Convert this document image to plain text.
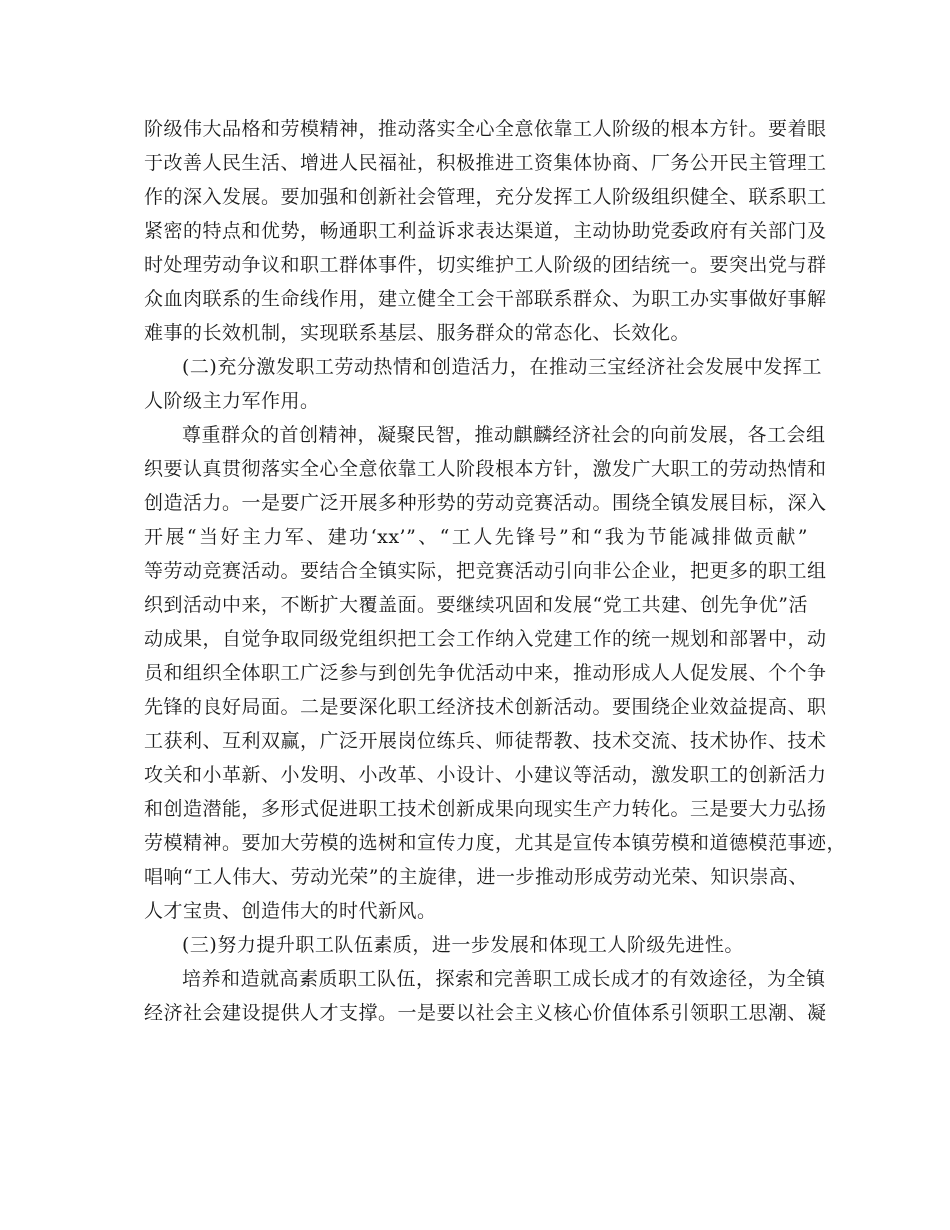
阶级伟大品格和劳模精神，推动落实全心全意依靠工人阶级的根本方针。要着眼
于改善人民生活、增进人民福祉，积极推进工资集体协商、厂务公开民主管理工
作的深入发展。要加强和创新社会管理，充分发挥工人阶级组织健全、联系职工
紧密的特点和优势，畅通职工利益诉求表达渠道，主动协助党委政府有关部门及
时处理劳动争议和职工群体事件，切实维护工人阶级的团结统一。要突出党与群
众血肉联系的生命线作用，建立健全工会干部联系群众、为职工办实事做好事解
难事的长效机制，实现联系基层、服务群众的常态化、长效化。
(二)充分激发职工劳动热情和创造活力，在推动三宝经济社会发展中发挥工
人阶级主力军作用。
尊重群众的首创精神，凝聚民智，推动麒麟经济社会的向前发展，各工会组
织要认真贯彻落实全心全意依靠工人阶段根本方针，激发广大职工的劳动热情和
创造活力。一是要广泛开展多种形势的劳动竞赛活动。围绕全镇发展目标，深入
开展“当好主力军、建功‘xx’”、“工人先锋号”和“我为节能减排做贡献”
等劳动竞赛活动。要结合全镇实际，把竞赛活动引向非公企业，把更多的职工组
织到活动中来，不断扩大覆盖面。要继续巩固和发展“党工共建、创先争优”活
动成果，自觉争取同级党组织把工会工作纳入党建工作的统一规划和部署中，动
员和组织全体职工广泛参与到创先争优活动中来，推动形成人人促发展、个个争
先锋的良好局面。二是要深化职工经济技术创新活动。要围绕企业效益提高、职
工获利、互利双赢，广泛开展岗位练兵、师徒帮教、技术交流、技术协作、技术
攻关和小革新、小发明、小改革、小设计、小建议等活动，激发职工的创新活力
和创造潜能，多形式促进职工技术创新成果向现实生产力转化。三是要大力弘扬
劳模精神。要加大劳模的选树和宣传力度，尤其是宣传本镇劳模和道德模范事迹，
唱响“工人伟大、劳动光荣”的主旋律，进一步推动形成劳动光荣、知识崇高、
人才宝贵、创造伟大的时代新风。
(三)努力提升职工队伍素质，进一步发展和体现工人阶级先进性。
培养和造就高素质职工队伍，探索和完善职工成长成才的有效途径，为全镇
经济社会建设提供人才支撑。一是要以社会主义核心价值体系引领职工思潮、凝
